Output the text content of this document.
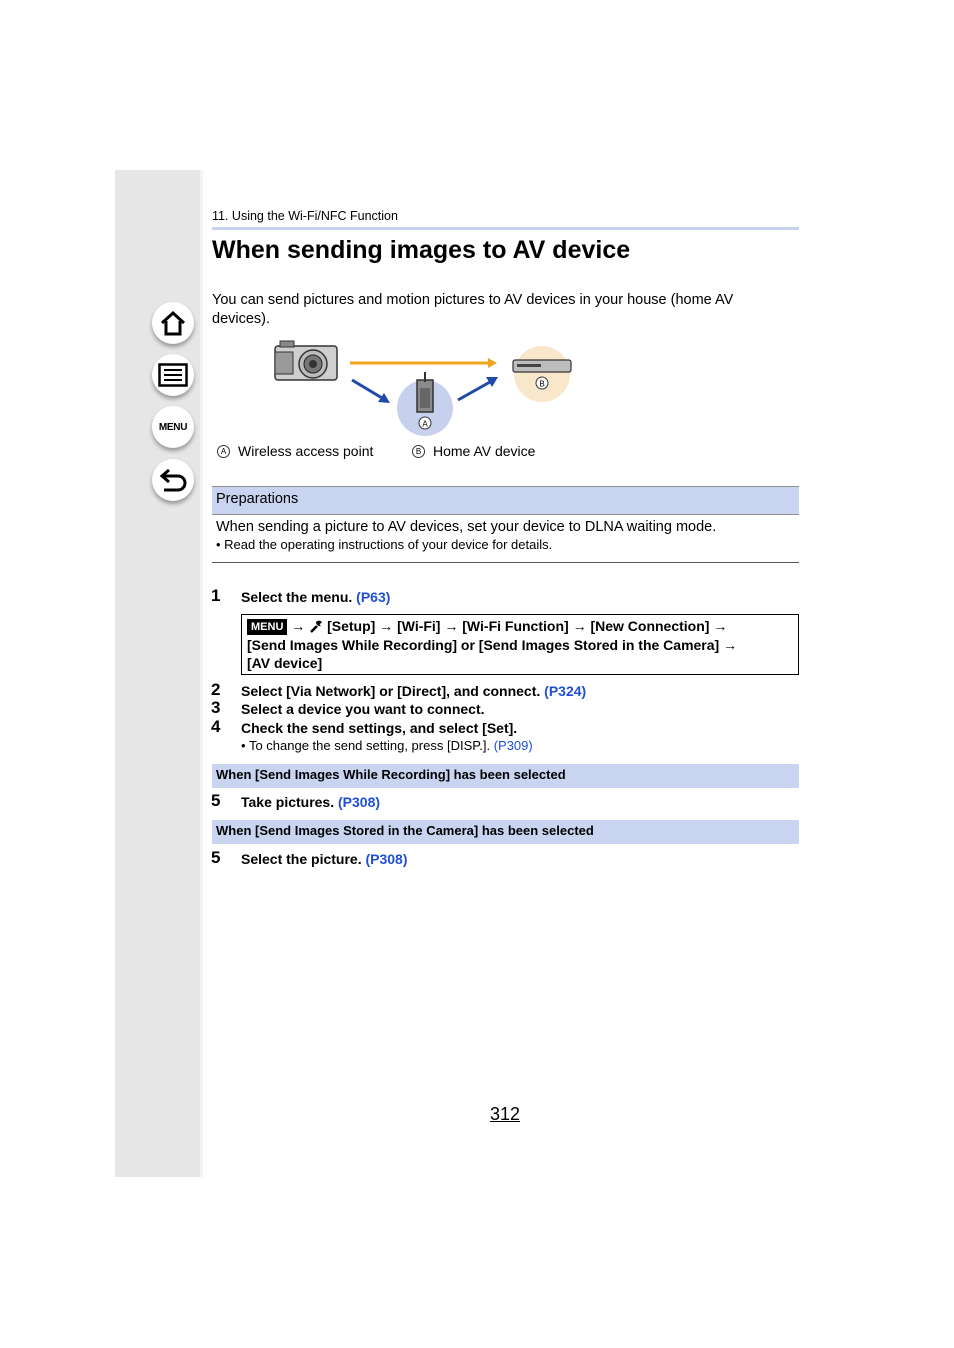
MENU
11. Using the Wi-Fi/NFC Function
When sending images to AV device
You can send pictures and motion pictures to AV devices in your house (home AV devices).
A
B
A Wireless access point	B Home AV device
Preparations
When sending a picture to AV devices, set your device to DLNA waiting mode.
• Read the operating instructions of your device for details.
1 Select the menu. (P63)
MENU → [Setup] → [Wi-Fi] → [Wi-Fi Function] → [New Connection] →
[Send Images While Recording] or [Send Images Stored in the Camera] →
[AV device]
2 Select [Via Network] or [Direct], and connect. (P324)
3 Select a device you want to connect.
4 Check the send settings, and select [Set].
• To change the send setting, press [DISP.]. (P309)
When [Send Images While Recording] has been selected
5 Take pictures. (P308)
When [Send Images Stored in the Camera] has been selected
5 Select the picture. (P308)
312
